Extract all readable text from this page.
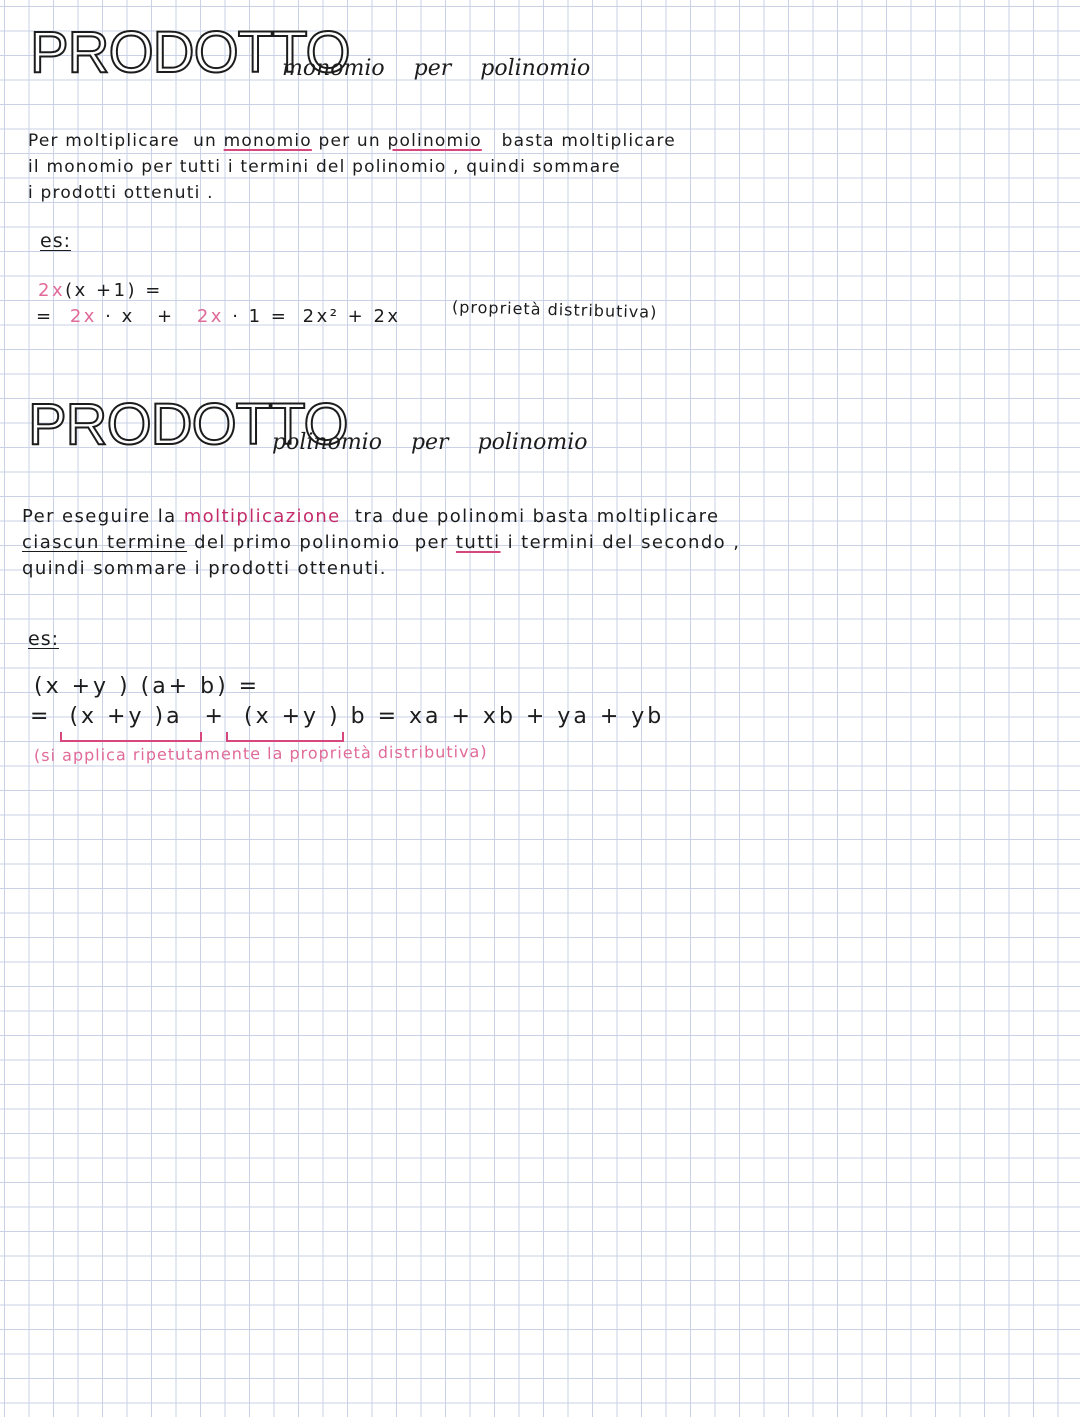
PRODOTTO
monomio per polinomio
Per moltiplicare un monomio per un polinomio basta moltiplicare
il monomio per tutti i termini del polinomio , quindi sommare
i prodotti ottenuti .
es:
2x(x +1) =
= 2x · x + 2x · 1 = 2x² + 2x	(proprietà distributiva)
PRODOTTO
polinomio per polinomio
Per eseguire la moltiplicazione tra due polinomi basta moltiplicare
ciascun termine del primo polinomio per tutti i termini del secondo ,
quindi sommare i prodotti ottenuti.
es:
(x +y ) (a+ b) =
= (x +y )a + (x +y ) b = xa + xb + ya + yb
(si applica ripetutamente la proprietà distributiva)
